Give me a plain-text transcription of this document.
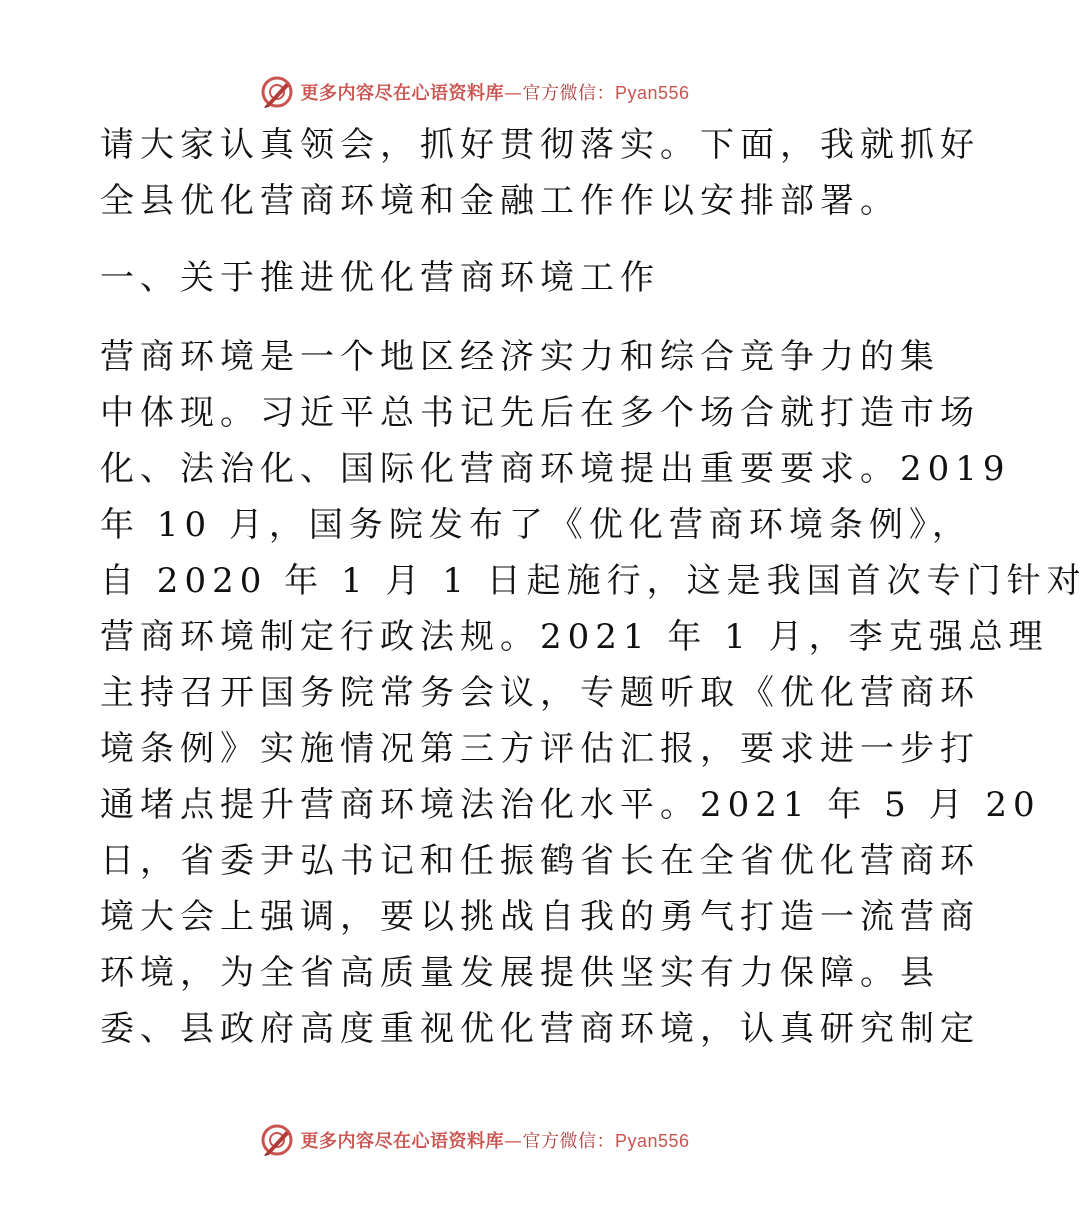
更多内容尽在心语资料库—官方微信：Pyan556
请大家认真领会，抓好贯彻落实。下面，我就抓好
全县优化营商环境和金融工作作以安排部署。
一、关于推进优化营商环境工作
营商环境是一个地区经济实力和综合竞争力的集
中体现。习近平总书记先后在多个场合就打造市场
化、法治化、国际化营商环境提出重要要求。2019
年 10 月，国务院发布了《优化营商环境条例》，
自 2020 年 1 月 1 日起施行，这是我国首次专门针对
营商环境制定行政法规。2021 年 1 月，李克强总理
主持召开国务院常务会议，专题听取《优化营商环
境条例》实施情况第三方评估汇报，要求进一步打
通堵点提升营商环境法治化水平。2021 年 5 月 20
日，省委尹弘书记和任振鹤省长在全省优化营商环
境大会上强调，要以挑战自我的勇气打造一流营商
环境，为全省高质量发展提供坚实有力保障。县
委、县政府高度重视优化营商环境，认真研究制定
更多内容尽在心语资料库—官方微信：Pyan556
